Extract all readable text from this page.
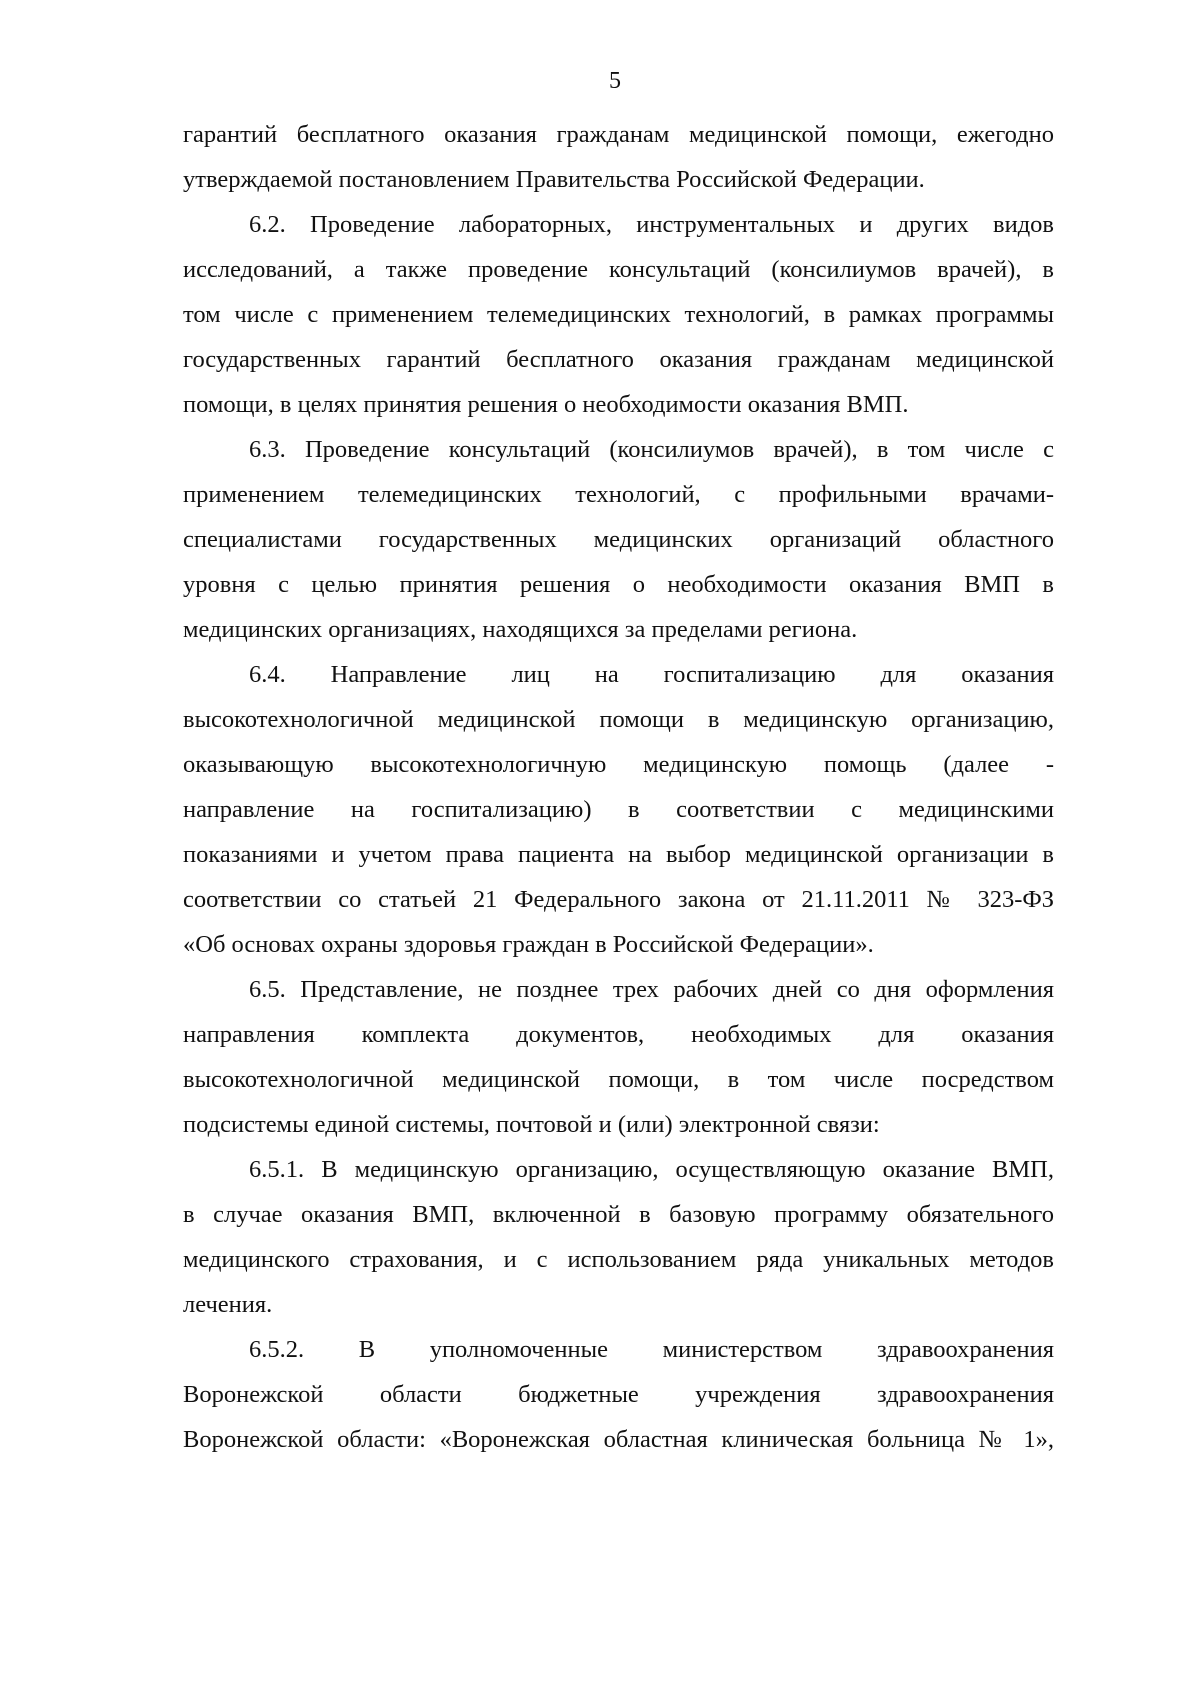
5
гарантий бесплатного оказания гражданам медицинской помощи, ежегодно
утверждаемой постановлением Правительства Российской Федерации.
6.2. Проведение лабораторных, инструментальных и других видов
исследований, а также проведение консультаций (консилиумов врачей), в
том числе с применением телемедицинских технологий, в рамках программы
государственных гарантий бесплатного оказания гражданам медицинской
помощи, в целях принятия решения о необходимости оказания ВМП.
6.3. Проведение консультаций (консилиумов врачей), в том числе с
применением телемедицинских технологий, с профильными врачами-
специалистами государственных медицинских организаций областного
уровня с целью принятия решения о необходимости оказания ВМП в
медицинских организациях, находящихся за пределами региона.
6.4. Направление лиц на госпитализацию для оказания
высокотехнологичной медицинской помощи в медицинскую организацию,
оказывающую высокотехнологичную медицинскую помощь (далее -
направление на госпитализацию) в соответствии с медицинскими
показаниями и учетом права пациента на выбор медицинской организации в
соответствии со статьей 21 Федерального закона от 21.11.2011 № 323-ФЗ
«Об основах охраны здоровья граждан в Российской Федерации».
6.5. Представление, не позднее трех рабочих дней со дня оформления
направления комплекта документов, необходимых для оказания
высокотехнологичной медицинской помощи, в том числе посредством
подсистемы единой системы, почтовой и (или) электронной связи:
6.5.1. В медицинскую организацию, осуществляющую оказание ВМП,
в случае оказания ВМП, включенной в базовую программу обязательного
медицинского страхования, и с использованием ряда уникальных методов
лечения.
6.5.2. В уполномоченные министерством здравоохранения
Воронежской области бюджетные учреждения здравоохранения
Воронежской области: «Воронежская областная клиническая больница № 1»,
